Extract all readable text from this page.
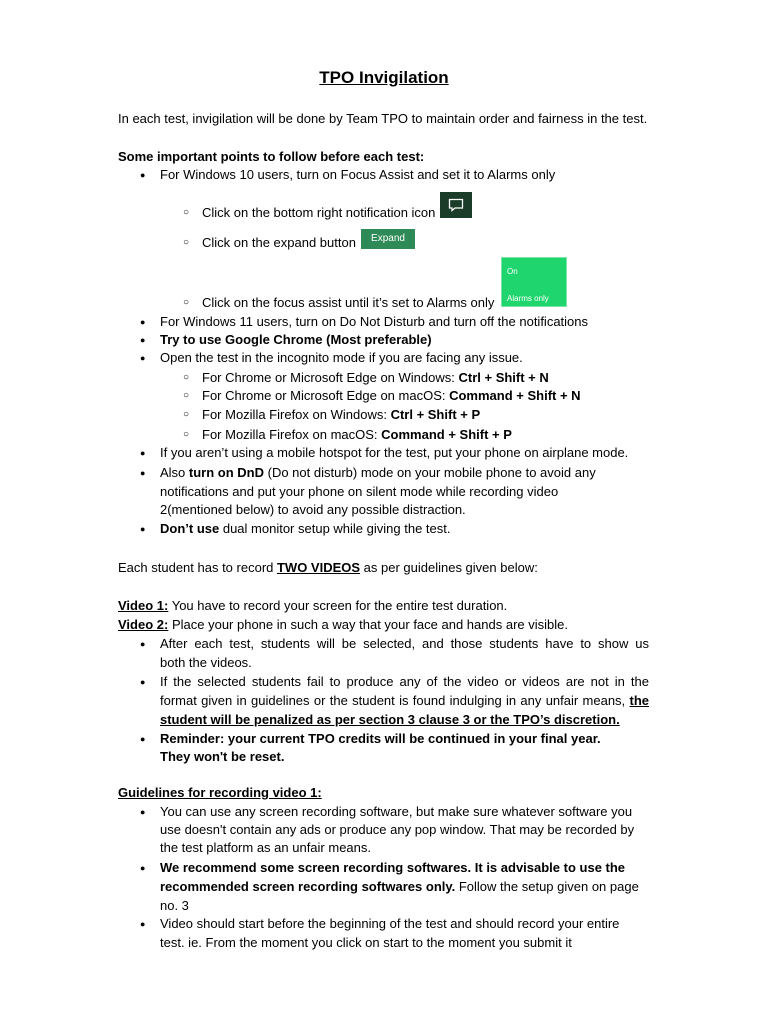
TPO Invigilation
In each test, invigilation will be done by Team TPO to maintain order and fairness in the test.
Some important points to follow before each test:
● For Windows 10 users, turn on Focus Assist and set it to Alarms only
○ Click on the bottom right notification icon
○ Click on the expand button	Expand
On
Alarms only
○ Click on the focus assist until it’s set to Alarms only
● For Windows 11 users, turn on Do Not Disturb and turn off the notifications
● Try to use Google Chrome (Most preferable)
● Open the test in the incognito mode if you are facing any issue.
○ For Chrome or Microsoft Edge on Windows: Ctrl + Shift + N
○ For Chrome or Microsoft Edge on macOS: Command + Shift + N
○ For Mozilla Firefox on Windows: Ctrl + Shift + P
○ For Mozilla Firefox on macOS: Command + Shift + P
● If you aren’t using a mobile hotspot for the test, put your phone on airplane mode.
● Also turn on DnD (Do not disturb) mode on your mobile phone to avoid any
notifications and put your phone on silent mode while recording video
2(mentioned below) to avoid any possible distraction.
● Don’t use dual monitor setup while giving the test.
Each student has to record TWO VIDEOS as per guidelines given below:
Video 1: You have to record your screen for the entire test duration.
Video 2: Place your phone in such a way that your face and hands are visible.
● After each test, students will be selected, and those students have to show us
both the videos.
● If the selected students fail to produce any of the video or videos are not in the
format given in guidelines or the student is found indulging in any unfair means, the
student will be penalized as per section 3 clause 3 or the TPO’s discretion.
● Reminder: your current TPO credits will be continued in your final year.
They won't be reset.
Guidelines for recording video 1:
● You can use any screen recording software, but make sure whatever software you
use doesn't contain any ads or produce any pop window. That may be recorded by
the test platform as an unfair means.
● We recommend some screen recording softwares. It is advisable to use the
recommended screen recording softwares only. Follow the setup given on page
no. 3
● Video should start before the beginning of the test and should record your entire
test. ie. From the moment you click on start to the moment you submit it
